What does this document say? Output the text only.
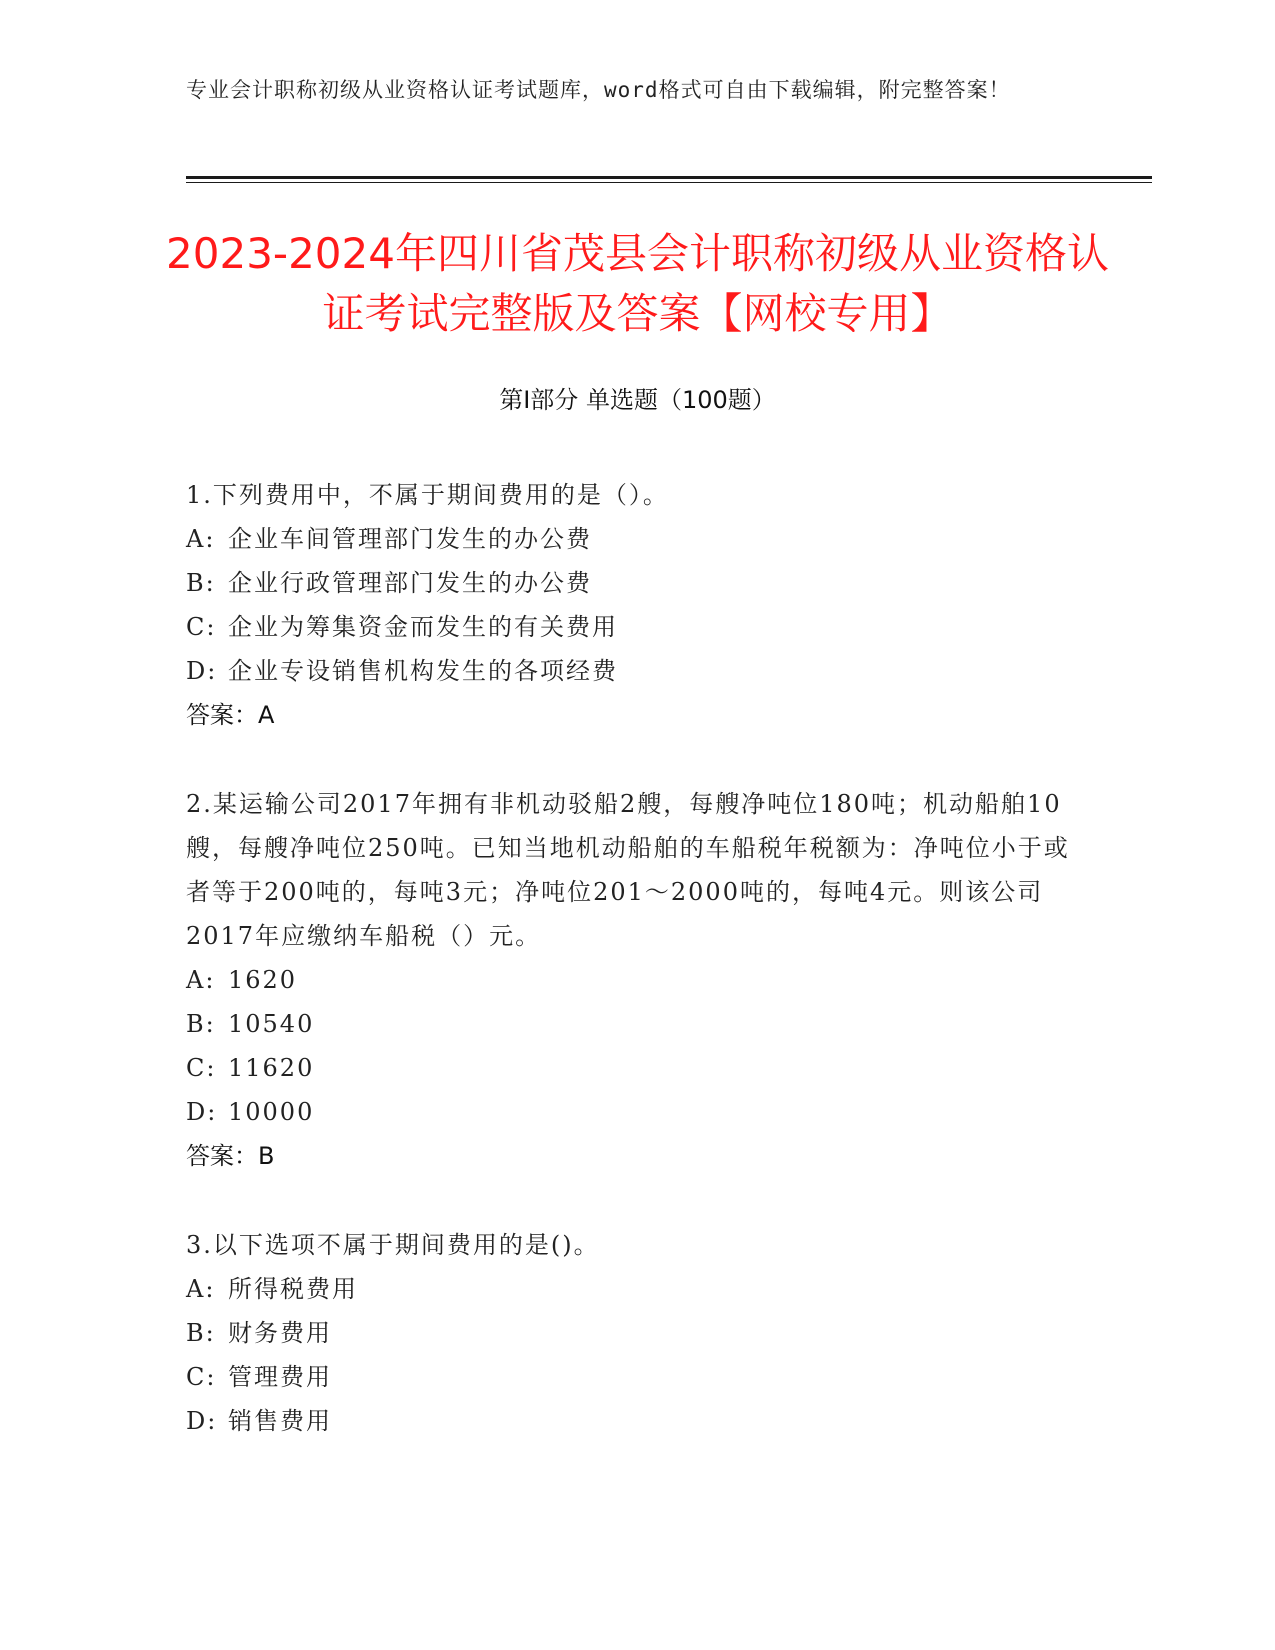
专业会计职称初级从业资格认证考试题库，word格式可自由下载编辑，附完整答案！
2023-2024年四川省茂县会计职称初级从业资格认证考试完整版及答案【网校专用】
第I部分 单选题（100题）
1.下列费用中，不属于期间费用的是（）。
A: 企业车间管理部门发生的办公费
B: 企业行政管理部门发生的办公费
C: 企业为筹集资金而发生的有关费用
D: 企业专设销售机构发生的各项经费
答案：A
2.某运输公司2017年拥有非机动驳船2艘，每艘净吨位180吨；机动船舶10艘，每艘净吨位250吨。已知当地机动船舶的车船税年税额为：净吨位小于或者等于200吨的，每吨3元；净吨位201～2000吨的，每吨4元。则该公司2017年应缴纳车船税（）元。
A: 1620
B: 10540
C: 11620
D: 10000
答案：B
3.以下选项不属于期间费用的是()。
A: 所得税费用
B: 财务费用
C: 管理费用
D: 销售费用
